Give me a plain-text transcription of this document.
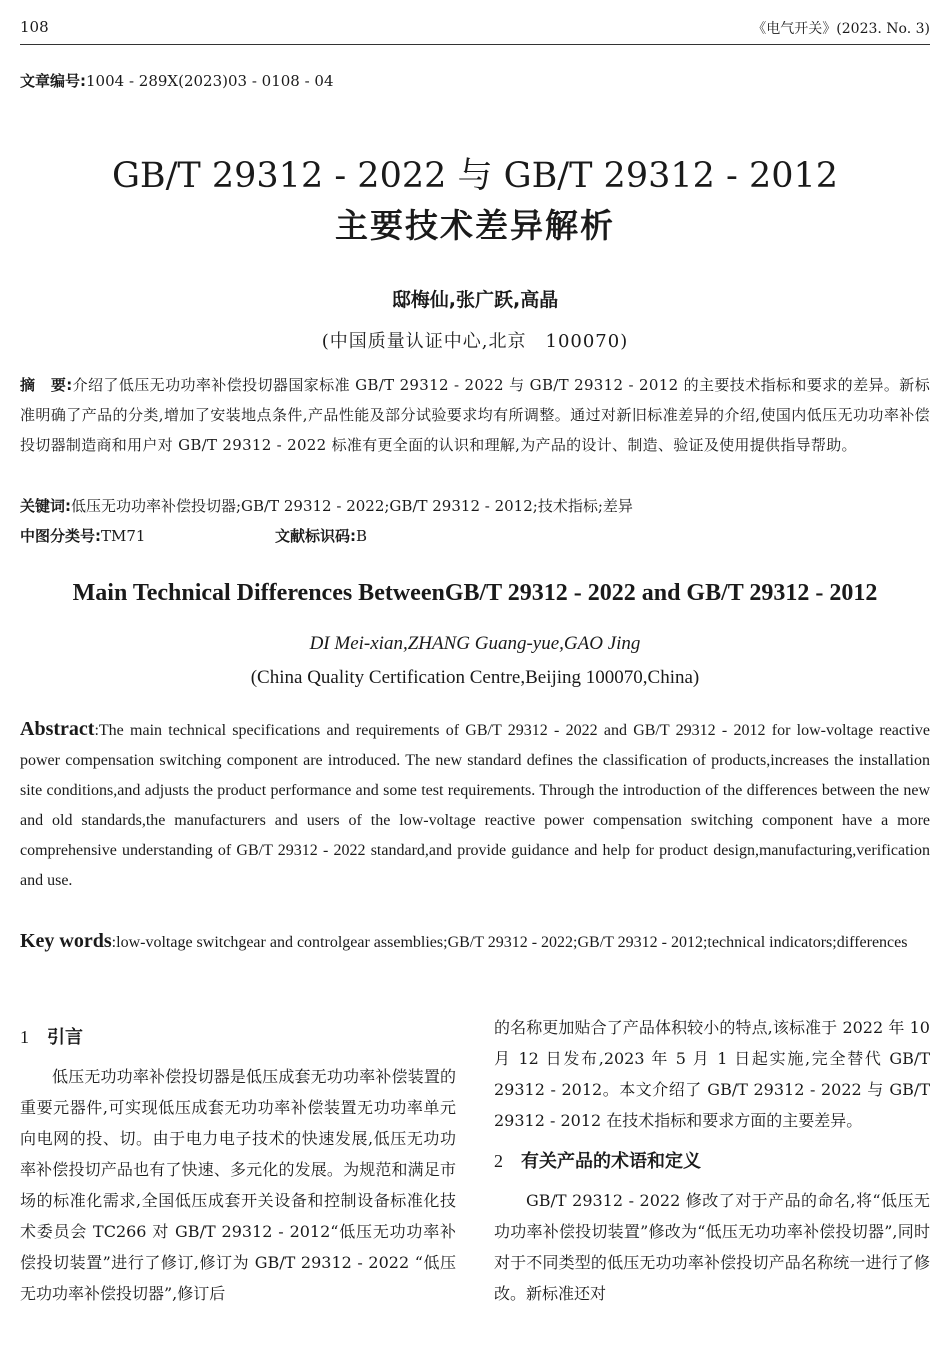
108	《电气开关》(2023. No. 3)
文章编号:1004 - 289X(2023)03 - 0108 - 04
GB/T 29312 - 2022 与 GB/T 29312 - 2012
主要技术差异解析
邸梅仙,张广跃,高晶
(中国质量认证中心,北京　100070)
摘　要:介绍了低压无功功率补偿投切器国家标准 GB/T 29312 - 2022 与 GB/T 29312 - 2012 的主要技术指标和要求的差异。新标准明确了产品的分类,增加了安装地点条件,产品性能及部分试验要求均有所调整。通过对新旧标准差异的介绍,使国内低压无功功率补偿投切器制造商和用户对 GB/T 29312 - 2022 标准有更全面的认识和理解,为产品的设计、制造、验证及使用提供指导帮助。
关键词:低压无功功率补偿投切器;GB/T 29312 - 2022;GB/T 29312 - 2012;技术指标;差异
中图分类号:TM71	文献标识码:B
Main Technical Differences BetweenGB/T 29312 - 2022 and GB/T 29312 - 2012
DI Mei-xian,ZHANG Guang-yue,GAO Jing
(China Quality Certification Centre,Beijing 100070,China)
Abstract:The main technical specifications and requirements of GB/T 29312 - 2022 and GB/T 29312 - 2012 for low-voltage reactive power compensation switching component are introduced. The new standard defines the classification of products,increases the installation site conditions,and adjusts the product performance and some test requirements. Through the introduction of the differences between the new and old standards,the manufacturers and users of the low-voltage reactive power compensation switching component have a more comprehensive understanding of GB/T 29312 - 2022 standard,and provide guidance and help for product design,manufacturing,verification and use.
Key words:low-voltage switchgear and controlgear assemblies;GB/T 29312 - 2022;GB/T 29312 - 2012;technical indicators;differences
1 引言

低压无功功率补偿投切器是低压成套无功功率补偿装置的重要元器件,可实现低压成套无功功率补偿装置无功功率单元向电网的投、切。由于电力电子技术的快速发展,低压无功功率补偿投切产品也有了快速、多元化的发展。为规范和满足市场的标准化需求,全国低压成套开关设备和控制设备标准化技术委员会 TC266 对 GB/T 29312 - 2012“低压无功功率补偿投切装置”进行了修订,修订为 GB/T 29312 - 2022 “低压无功功率补偿投切器”,修订后

的名称更加贴合了产品体积较小的特点,该标准于 2022 年 10 月 12 日发布,2023 年 5 月 1 日起实施,完全替代 GB/T 29312 - 2012。本文介绍了 GB/T 29312 - 2022 与 GB/T 29312 - 2012 在技术指标和要求方面的主要差异。

2 有关产品的术语和定义

GB/T 29312 - 2022 修改了对于产品的命名,将“低压无功功率补偿投切装置”修改为“低压无功功率补偿投切器”,同时对于不同类型的低压无功功率补偿投切产品名称统一进行了修改。新标准还对
